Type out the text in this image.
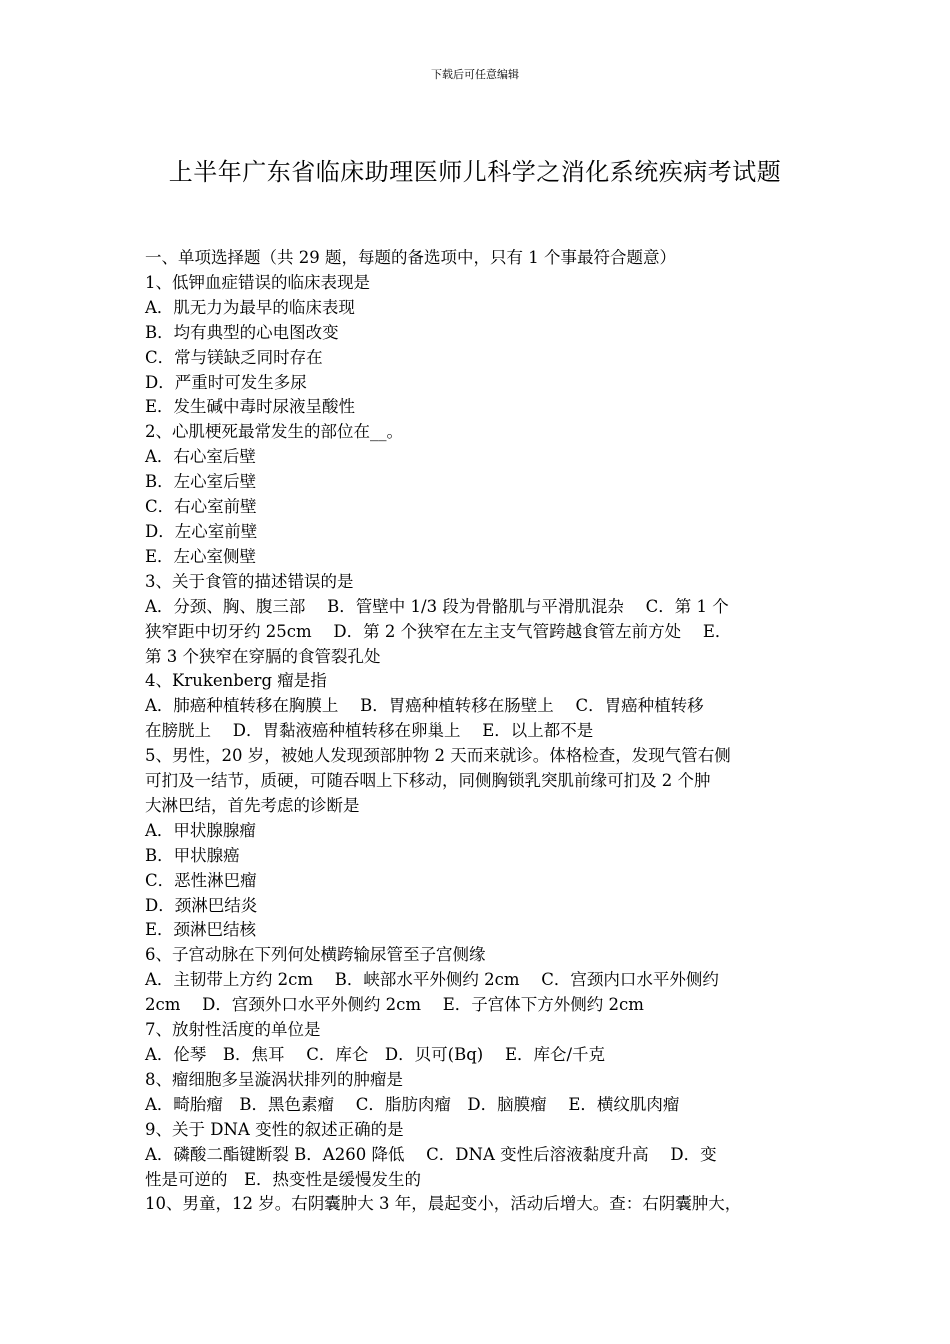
下载后可任意编辑
上半年广东省临床助理医师儿科学之消化系统疾病考试题
一、单项选择题（共 29 题，每题的备选项中，只有 1 个事最符合题意）
1、低钾血症错误的临床表现是
A．肌无力为最早的临床表现
B．均有典型的心电图改变
C．常与镁缺乏同时存在
D．严重时可发生多尿
E．发生碱中毒时尿液呈酸性
2、心肌梗死最常发生的部位在__。
A．右心室后壁
B．左心室后壁
C．右心室前壁
D．左心室前壁
E．左心室侧壁
3、关于食管的描述错误的是
A．分颈、胸、腹三部　 B．管壁中 1/3 段为骨骼肌与平滑肌混杂　 C．第 1 个
狭窄距中切牙约 25cm　 D．第 2 个狭窄在左主支气管跨越食管左前方处　 E．
第 3 个狭窄在穿膈的食管裂孔处
4、Krukenberg 瘤是指
A．肺癌种植转移在胸膜上　 B．胃癌种植转移在肠壁上　 C．胃癌种植转移
在膀胱上　 D．胃黏液癌种植转移在卵巢上　 E．以上都不是
5、男性，20 岁，被她人发现颈部肿物 2 天而来就诊。体格检查，发现气管右侧
可扪及一结节，质硬，可随吞咽上下移动，同侧胸锁乳突肌前缘可扪及 2 个肿
大淋巴结，首先考虑的诊断是
A．甲状腺腺瘤
B．甲状腺癌
C．恶性淋巴瘤
D．颈淋巴结炎
E．颈淋巴结核
6、子宫动脉在下列何处横跨输尿管至子宫侧缘
A．主韧带上方约 2cm　 B．峡部水平外侧约 2cm　 C．宫颈内口水平外侧约
2cm　 D．宫颈外口水平外侧约 2cm　 E．子宫体下方外侧约 2cm
7、放射性活度的单位是
A．伦琴　B．焦耳　 C．库仑　D．贝可(Bq)　 E．库仑/千克
8、瘤细胞多呈漩涡状排列的肿瘤是
A．畸胎瘤　B．黑色素瘤　 C．脂肪肉瘤　D．脑膜瘤　 E．横纹肌肉瘤
9、关于 DNA 变性的叙述正确的是
A．磷酸二酯键断裂 B．A260 降低　 C．DNA 变性后溶液黏度升高　 D．变
性是可逆的　E．热变性是缓慢发生的
10、男童，12 岁。右阴囊肿大 3 年，晨起变小，活动后增大。查：右阴囊肿大，
